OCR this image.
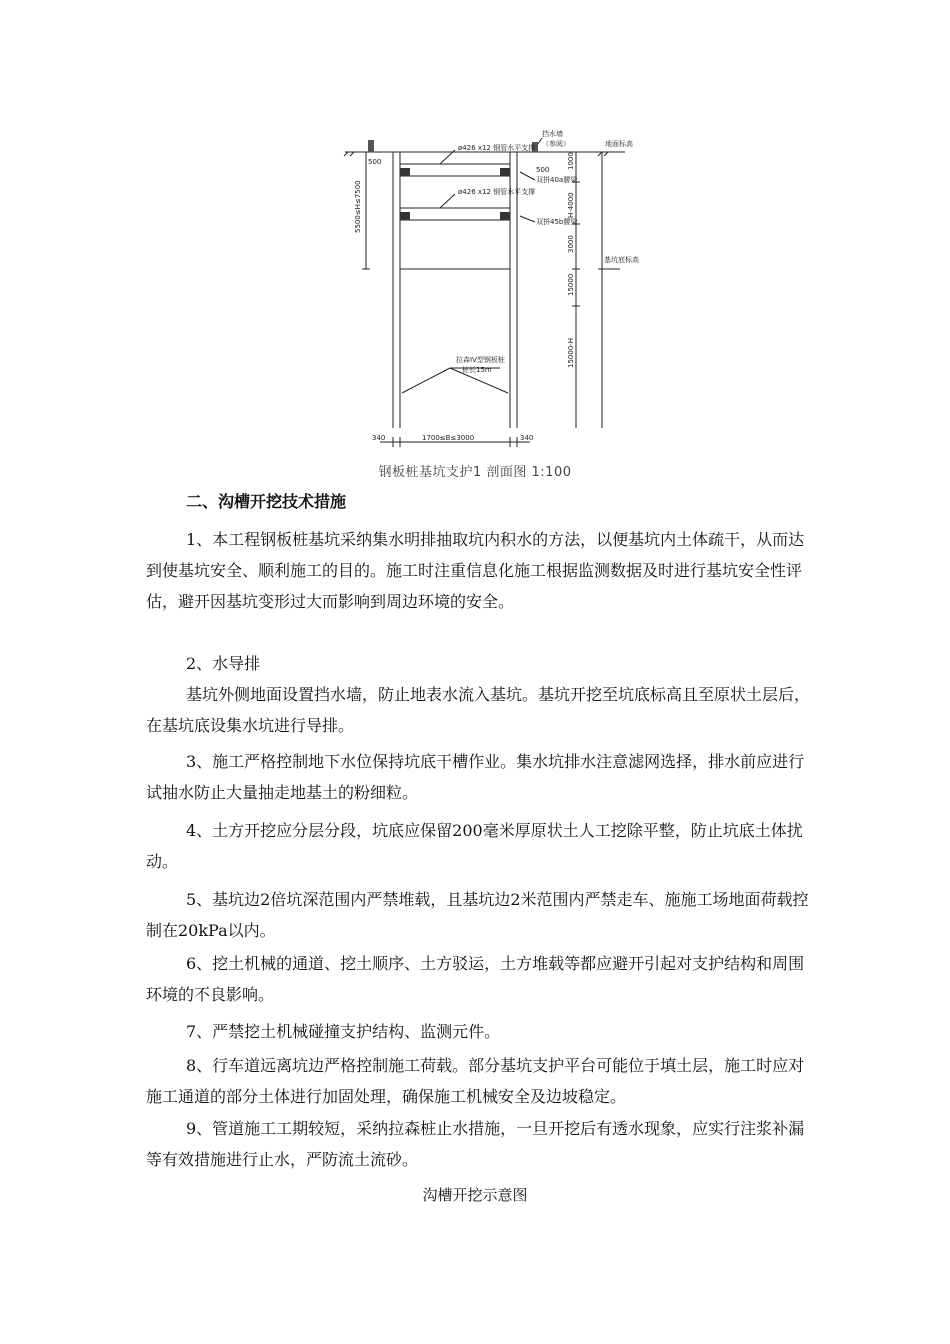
ø426 x12 钢管水平支撑
ø426 x12 钢管水平支撑
挡水墙
（参阅）	地面标高
500
500
双拼40a腰梁
双拼45b腰梁
基坑底标高
拉森IV型钢板桩
桩长15m
340	1700≤B≤3000	340
5500≤H≤7500
1000
H-4000
3000
15000
15000-H
钢板桩基坑支护1 剖面图 1:100
二、沟槽开挖技术措施

1、本工程钢板桩基坑采纳集水明排抽取坑内积水的方法，以便基坑内土体疏干，从而达到使基坑安全、顺利施工的目的。施工时注重信息化施工根据监测数据及时进行基坑安全性评估，避开因基坑变形过大而影响到周边环境的安全。

2、水导排

基坑外侧地面设置挡水墙，防止地表水流入基坑。基坑开挖至坑底标高且至原状土层后，在基坑底设集水坑进行导排。

3、施工严格控制地下水位保持坑底干槽作业。集水坑排水注意滤网选择，排水前应进行试抽水防止大量抽走地基土的粉细粒。

4、土方开挖应分层分段，坑底应保留200毫米厚原状土人工挖除平整，防止坑底土体扰动。

5、基坑边2倍坑深范围内严禁堆载，且基坑边2米范围内严禁走车、施施工场地面荷载控制在20kPa以内。

6、挖土机械的通道、挖土顺序、土方驳运，土方堆载等都应避开引起对支护结构和周围环境的不良影响。

7、严禁挖土机械碰撞支护结构、监测元件。

8、行车道远离坑边严格控制施工荷载。部分基坑支护平台可能位于填土层，施工时应对施工通道的部分土体进行加固处理，确保施工机械安全及边坡稳定。

9、管道施工工期较短，采纳拉森桩止水措施，一旦开挖后有透水现象，应实行注浆补漏等有效措施进行止水，严防流土流砂。

沟槽开挖示意图
